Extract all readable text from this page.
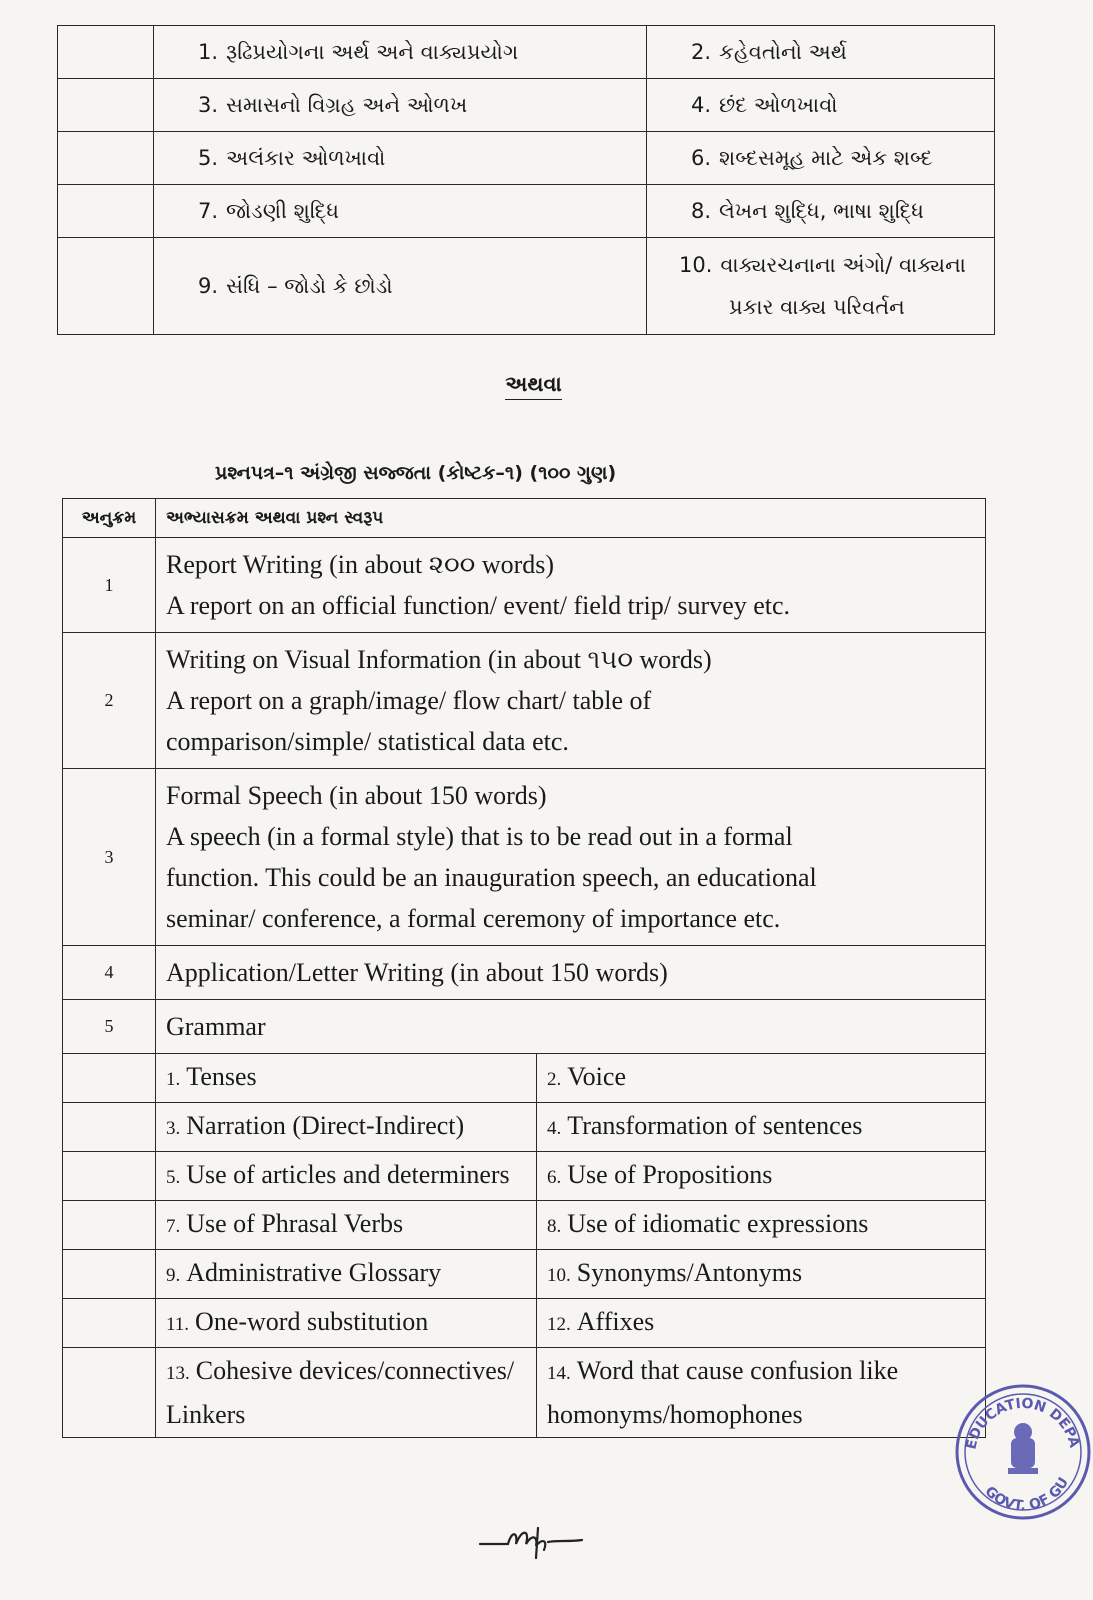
	1. રૂઢિપ્રયોગના અર્થ અને વાક્યપ્રયોગ	2. કહેવતોનો અર્થ
	3. સમાસનો વિગ્રહ અને ઓળખ	4. છંદ ઓળખાવો
	5. અલંકાર ઓળખાવો	6. શબ્દસમૂહ માટે એક શબ્દ
	7. જોડણી શુદ્ધિ	8. લેખન શુદ્ધિ, ભાષા શુદ્ધિ
	9. સંધિ – જોડો કે છોડો	10. વાક્યરચનાના અંગો/ વાક્યના
પ્રકાર વાક્ય પરિવર્તન
અથવા
પ્રશ્નપત્ર–૧ અંગ્રેજી સજ્જતા (કોષ્ટક–૧) (૧૦૦ ગુણ)
અનુક્રમ	અભ્યાસક્રમ અથવા પ્રશ્ન સ્વરૂપ	
1	Report Writing (in about ૨૦૦ words)
A report on an official function/ event/ field trip/ survey etc.	

2	Writing on Visual Information (in about ૧૫૦ words)
A report on a graph/image/ flow chart/ table of
comparison/simple/ statistical data etc.	

3	Formal Speech (in about 150 words)
A speech (in a formal style) that is to be read out in a formal
function. This could be an inauguration speech, an educational
seminar/ conference, a formal ceremony of importance etc.	

4	Application/Letter Writing (in about 150 words)	

5	Grammar	

	1. Tenses	2. Voice
	3. Narration (Direct-Indirect)	4. Transformation of sentences
	5. Use of articles and determiners	6. Use of Propositions
	7. Use of Phrasal Verbs	8. Use of idiomatic expressions
	9. Administrative Glossary	10. Synonyms/Antonyms
	11. One-word substitution	12. Affixes
	13. Cohesive devices/connectives/ Linkers	14. Word that cause confusion like homonyms/homophones
EDUCATION DEPA
GOVT. OF GU
